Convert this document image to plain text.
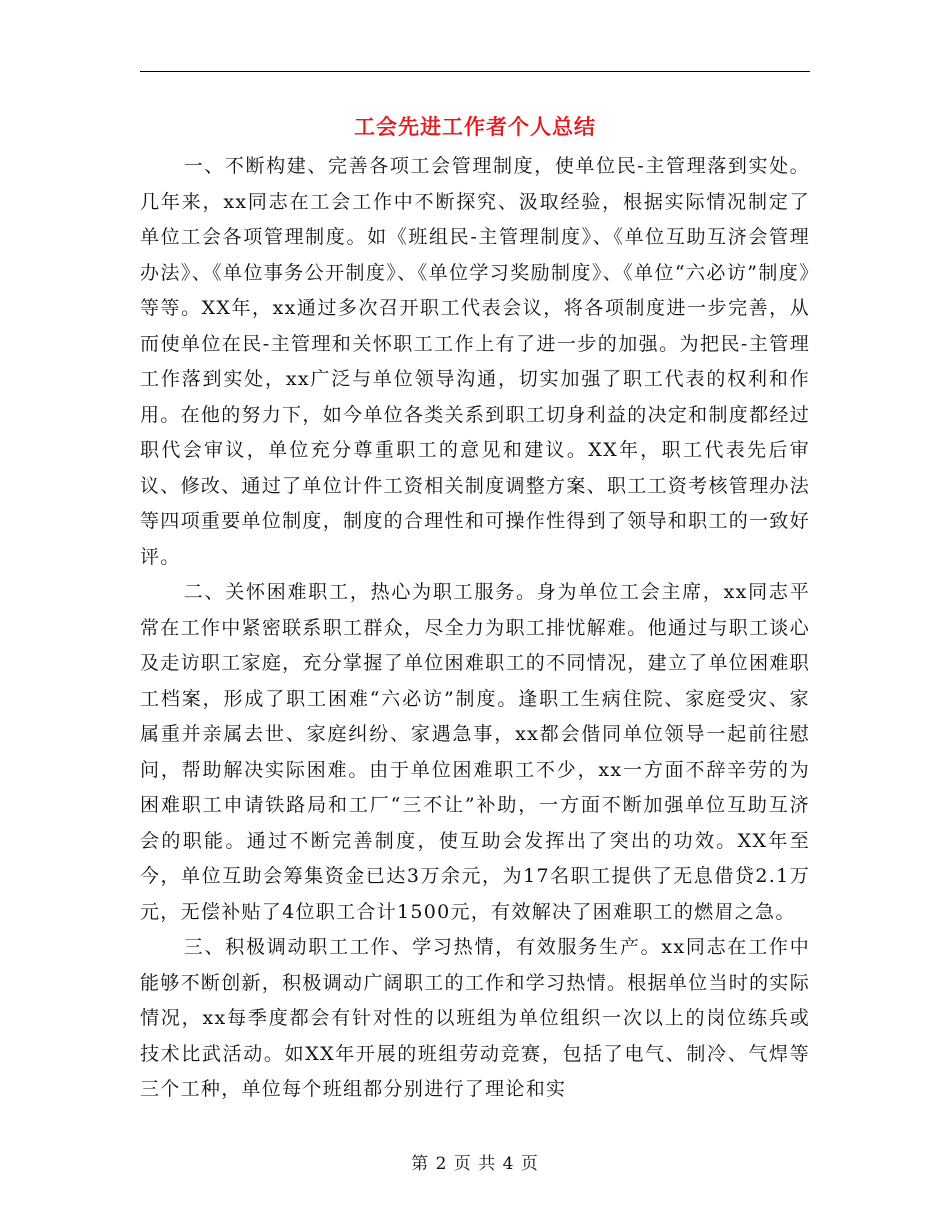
工会先进工作者个人总结

一、不断构建、完善各项工会管理制度，使单位民-主管理落到实处。几年来，xx同志在工会工作中不断探究、汲取经验，根据实际情况制定了单位工会各项管理制度。如《班组民-主管理制度》、《单位互助互济会管理办法》、《单位事务公开制度》、《单位学习奖励制度》、《单位“六必访”制度》等等。XX年，xx通过多次召开职工代表会议，将各项制度进一步完善，从而使单位在民-主管理和关怀职工工作上有了进一步的加强。为把民-主管理工作落到实处，xx广泛与单位领导沟通，切实加强了职工代表的权利和作用。在他的努力下，如今单位各类关系到职工切身利益的决定和制度都经过职代会审议，单位充分尊重职工的意见和建议。XX年，职工代表先后审议、修改、通过了单位计件工资相关制度调整方案、职工工资考核管理办法等四项重要单位制度，制度的合理性和可操作性得到了领导和职工的一致好评。

二、关怀困难职工，热心为职工服务。身为单位工会主席，xx同志平常在工作中紧密联系职工群众，尽全力为职工排忧解难。他通过与职工谈心及走访职工家庭，充分掌握了单位困难职工的不同情况，建立了单位困难职工档案，形成了职工困难“六必访”制度。逢职工生病住院、家庭受灾、家属重并亲属去世、家庭纠纷、家遇急事，xx都会偕同单位领导一起前往慰问，帮助解决实际困难。由于单位困难职工不少，xx一方面不辞辛劳的为困难职工申请铁路局和工厂“三不让”补助，一方面不断加强单位互助互济会的职能。通过不断完善制度，使互助会发挥出了突出的功效。XX年至今，单位互助会筹集资金已达3万余元，为17名职工提供了无息借贷2.1万元，无偿补贴了4位职工合计1500元，有效解决了困难职工的燃眉之急。

三、积极调动职工工作、学习热情，有效服务生产。xx同志在工作中能够不断创新，积极调动广阔职工的工作和学习热情。根据单位当时的实际情况，xx每季度都会有针对性的以班组为单位组织一次以上的岗位练兵或技术比武活动。如XX年开展的班组劳动竞赛，包括了电气、制冷、气焊等三个工种，单位每个班组都分别进行了理论和实

第 2 页 共 4 页
